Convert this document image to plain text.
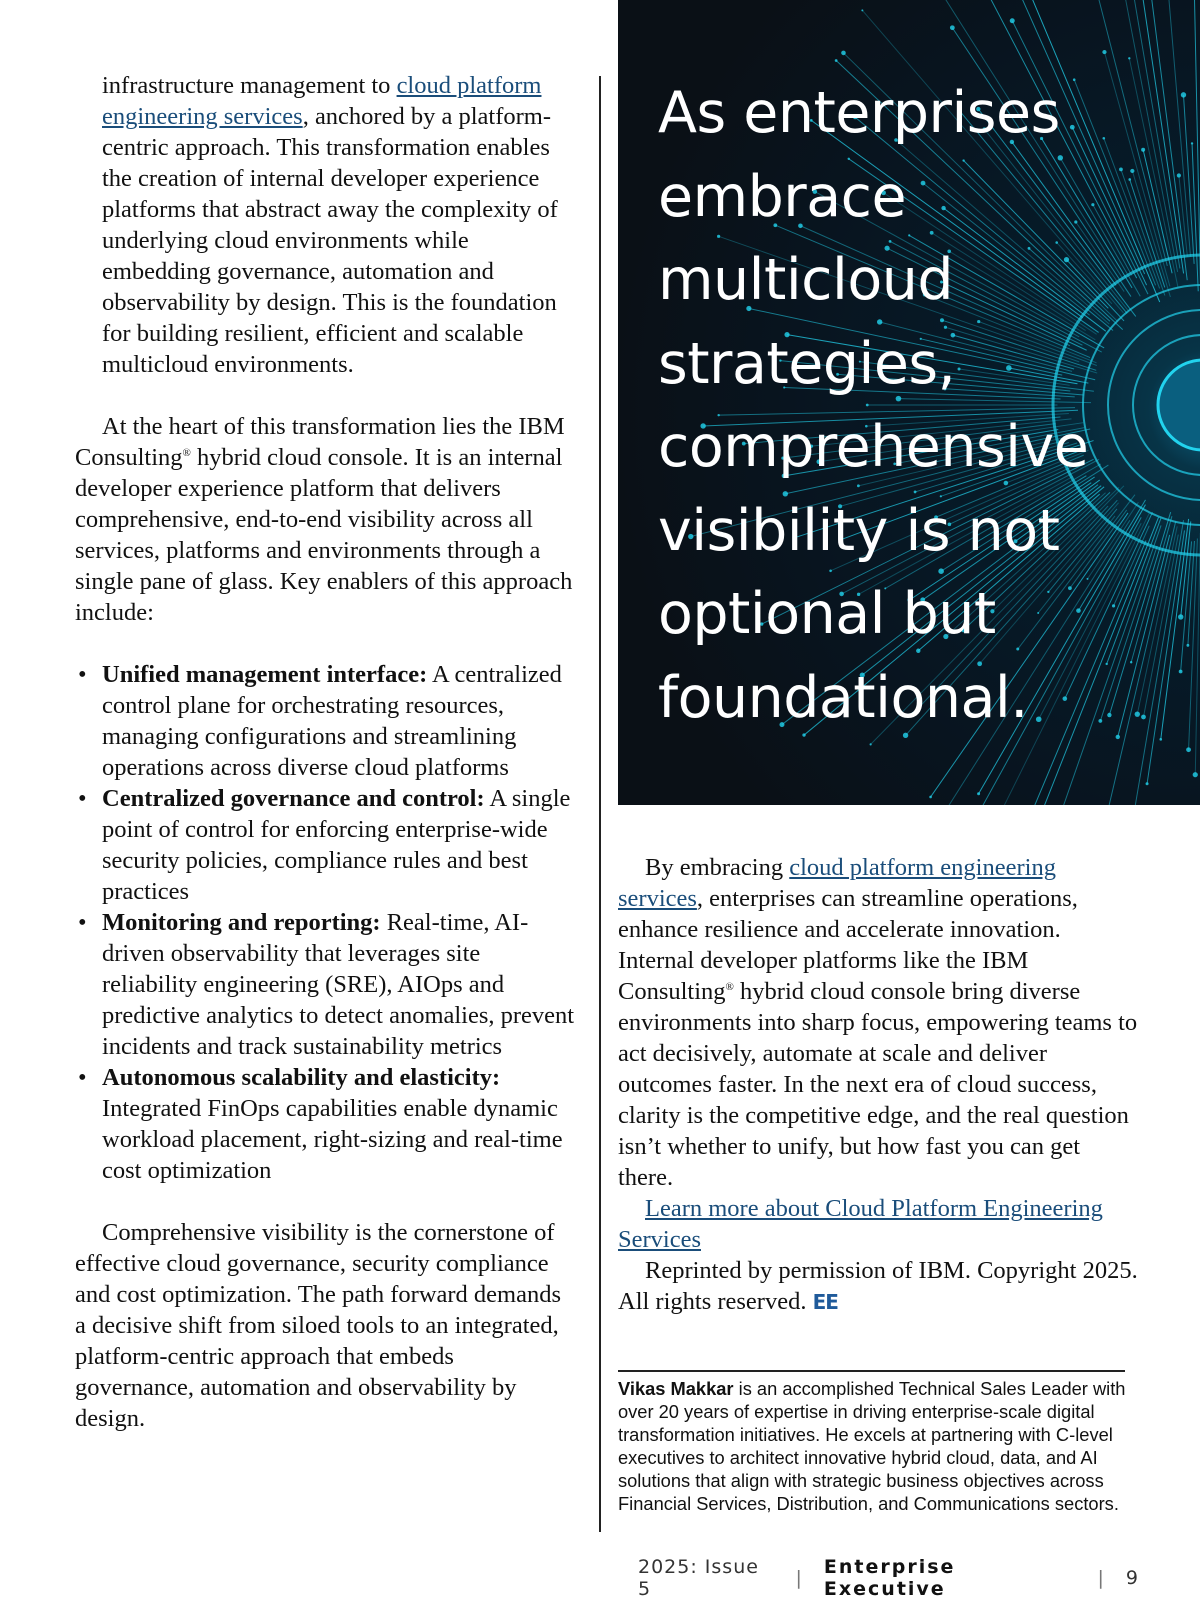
infrastructure management to cloud platform engineering services, anchored by a platform-centric approach. This transformation enables the creation of internal developer experience platforms that abstract away the complexity of underlying cloud environments while embedding governance, automation and observability by design. This is the foundation for building resilient, efficient and scalable multicloud environments.

At the heart of this transformation lies the IBM Consulting® hybrid cloud console. It is an internal developer experience platform that delivers comprehensive, end-to-end visibility across all services, platforms and environments through a single pane of glass. Key enablers of this approach include:

• Unified management interface: A centralized control plane for orchestrating resources, managing configurations and streamlining operations across diverse cloud platforms
• Centralized governance and control: A single point of control for enforcing enterprise-wide security policies, compliance rules and best practices
• Monitoring and reporting: Real-time, AI-driven observability that leverages site reliability engineering (SRE), AIOps and predictive analytics to detect anomalies, prevent incidents and track sustainability metrics
• Autonomous scalability and elasticity: Integrated FinOps capabilities enable dynamic workload placement, right-sizing and real-time cost optimization

Comprehensive visibility is the cornerstone of effective cloud governance, security compliance and cost optimization. The path forward demands a decisive shift from siloed tools to an integrated, platform-centric approach that embeds governance, automation and observability by design.

As enterprises embrace multicloud strategies, comprehensive visibility is not optional but foundational.

By embracing cloud platform engineering services, enterprises can streamline operations, enhance resilience and accelerate innovation. Internal developer platforms like the IBM Consulting® hybrid cloud console bring diverse environments into sharp focus, empowering teams to act decisively, automate at scale and deliver outcomes faster. In the next era of cloud success, clarity is the competitive edge, and the real question isn’t whether to unify, but how fast you can get there.

Learn more about Cloud Platform Engineering Services

Reprinted by permission of IBM. Copyright 2025. All rights reserved. EE

Vikas Makkar is an accomplished Technical Sales Leader with over 20 years of expertise in driving enterprise-scale digital transformation initiatives. He excels at partnering with C-level executives to architect innovative hybrid cloud, data, and AI solutions that align with strategic business objectives across Financial Services, Distribution, and Communications sectors.
2025: Issue 5	| Enterprise Executive	| 9
